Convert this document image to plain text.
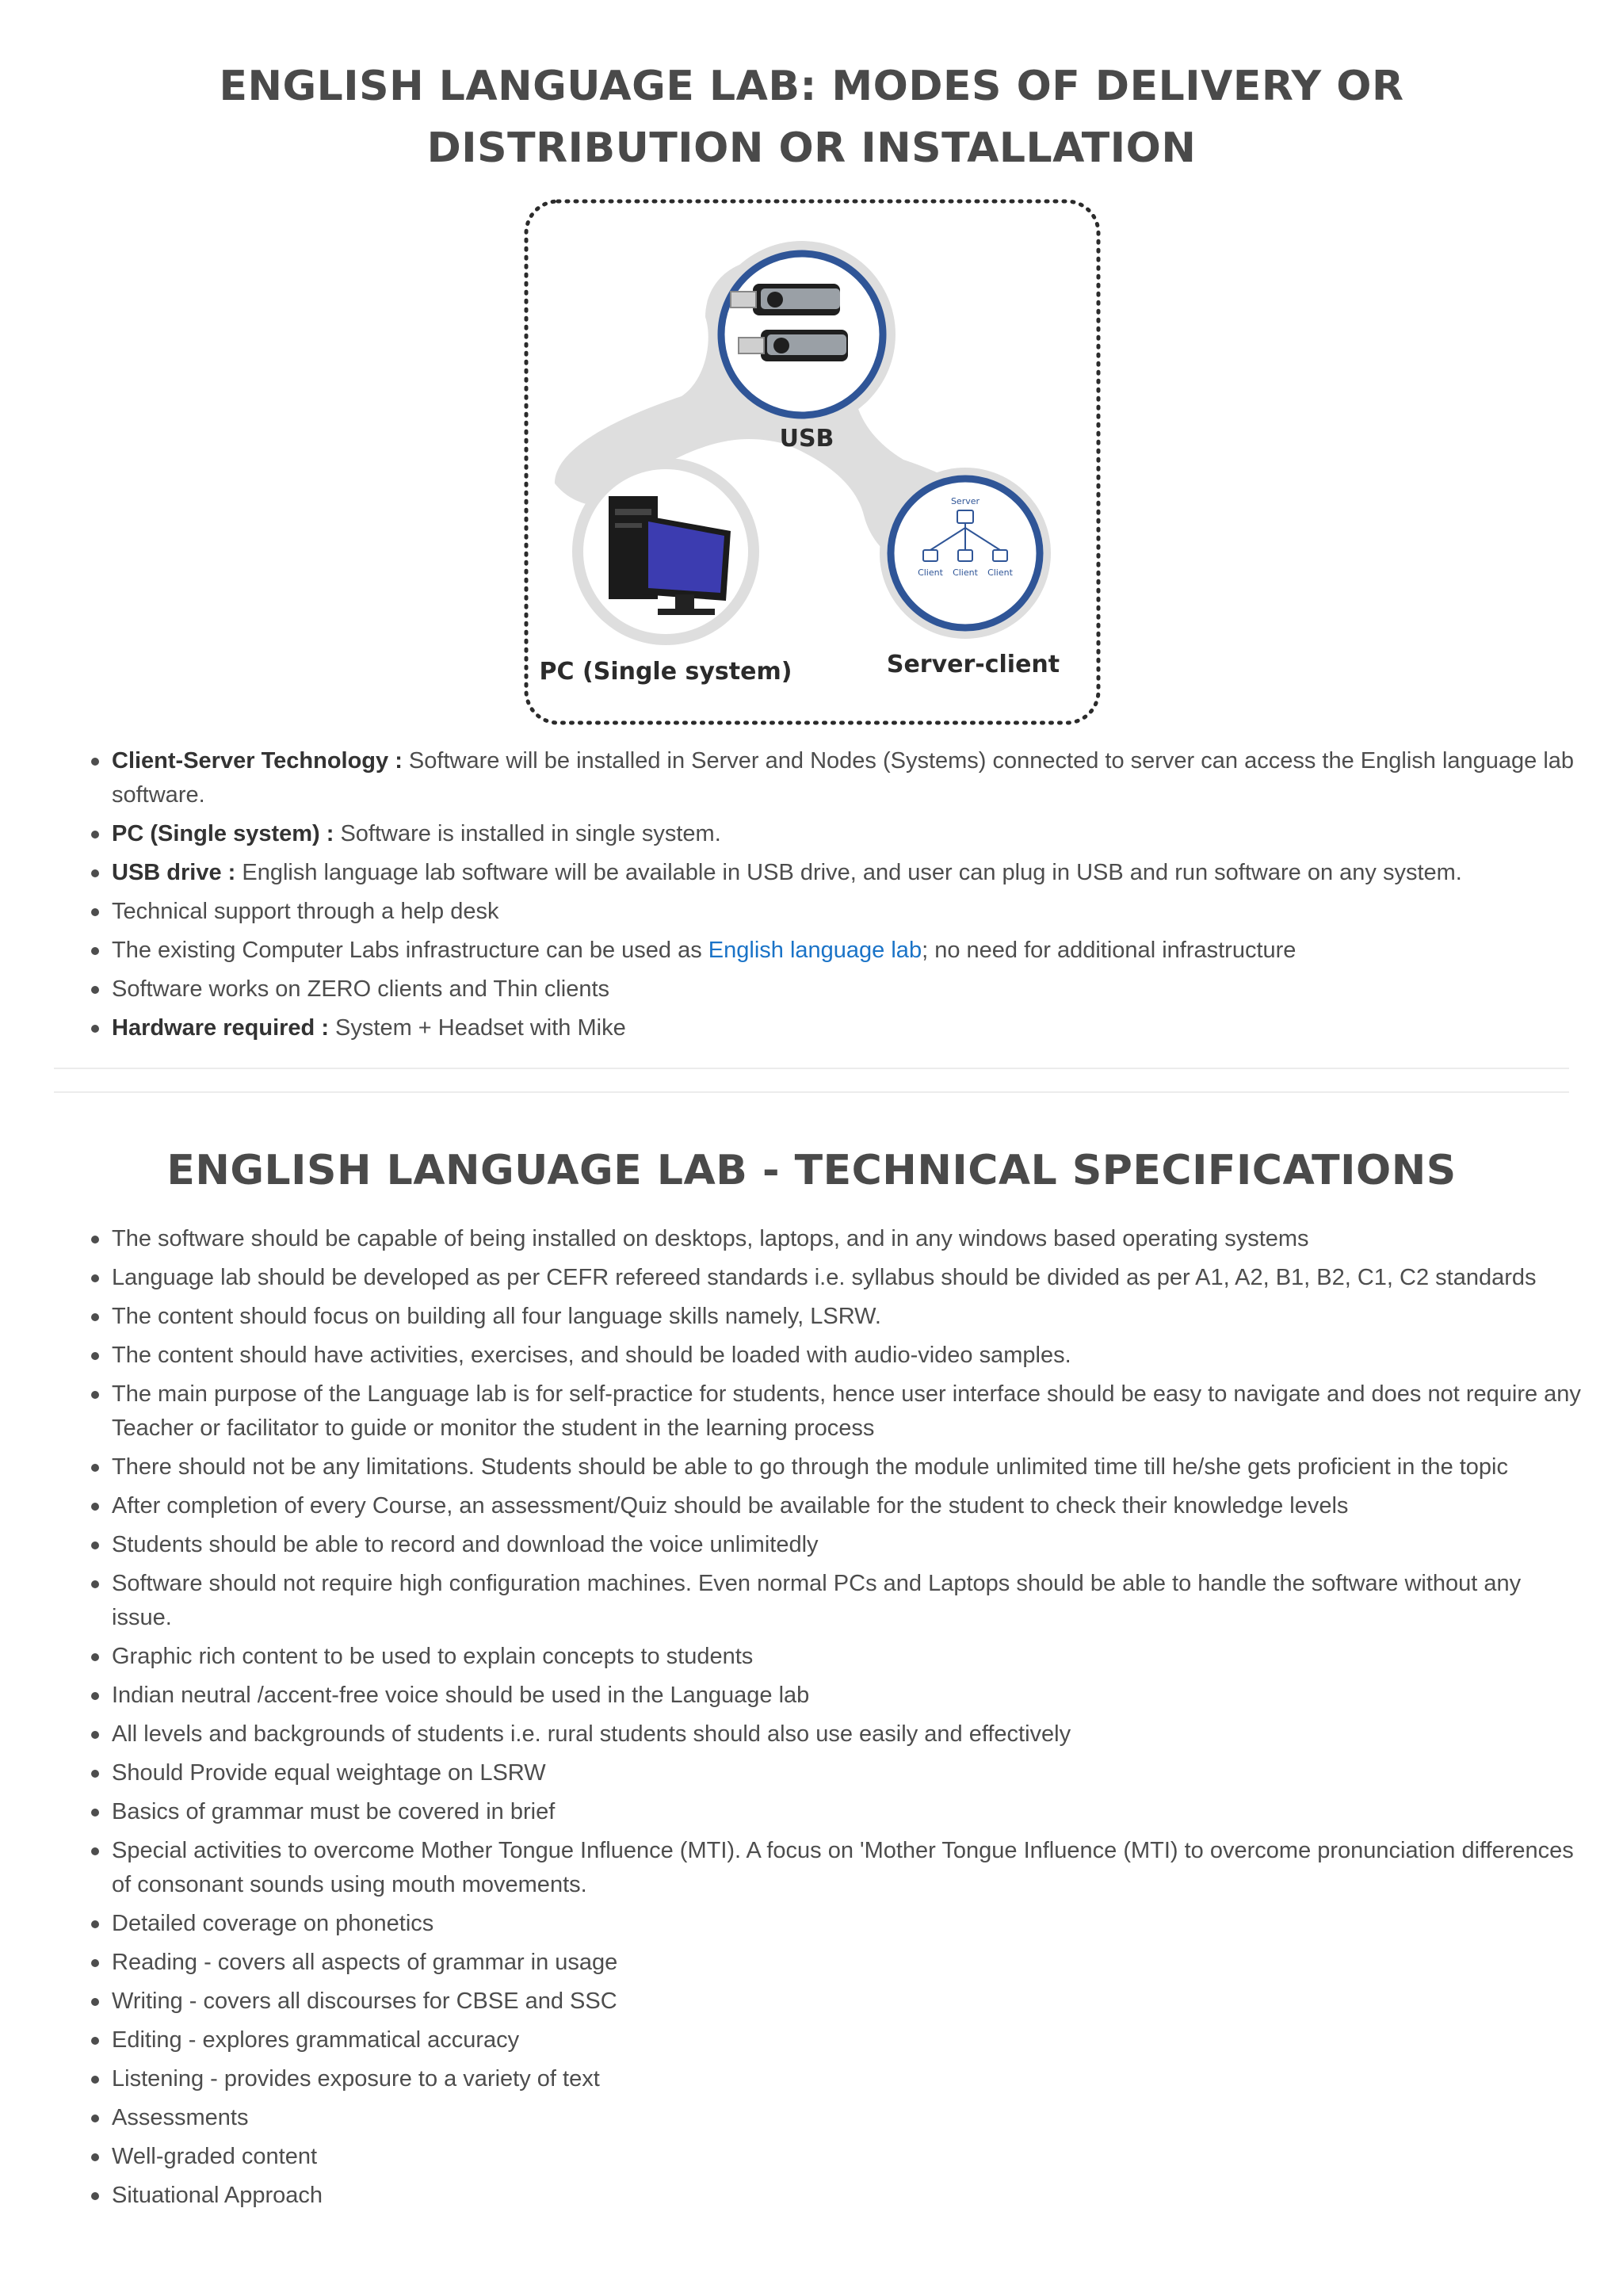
ENGLISH LANGUAGE LAB: MODES OF DELIVERY OR DISTRIBUTION OR INSTALLATION
USB
PC (Single system)
Server
Client Client Client
Server-client
Client-Server Technology : Software will be installed in Server and Nodes (Systems) connected to server can access the English language lab software.
PC (Single system) : Software is installed in single system.
USB drive : English language lab software will be available in USB drive, and user can plug in USB and run software on any system.
Technical support through a help desk
The existing Computer Labs infrastructure can be used as English language lab; no need for additional infrastructure
Software works on ZERO clients and Thin clients
Hardware required : System + Headset with Mike
ENGLISH LANGUAGE LAB - TECHNICAL SPECIFICATIONS
The software should be capable of being installed on desktops, laptops, and in any windows based operating systems
Language lab should be developed as per CEFR refereed standards i.e. syllabus should be divided as per A1, A2, B1, B2, C1, C2 standards
The content should focus on building all four language skills namely, LSRW.
The content should have activities, exercises, and should be loaded with audio-video samples.
The main purpose of the Language lab is for self-practice for students, hence user interface should be easy to navigate and does not require any Teacher or facilitator to guide or monitor the student in the learning process
There should not be any limitations. Students should be able to go through the module unlimited time till he/she gets proficient in the topic
After completion of every Course, an assessment/Quiz should be available for the student to check their knowledge levels
Students should be able to record and download the voice unlimitedly
Software should not require high configuration machines. Even normal PCs and Laptops should be able to handle the software without any issue.
Graphic rich content to be used to explain concepts to students
Indian neutral /accent-free voice should be used in the Language lab
All levels and backgrounds of students i.e. rural students should also use easily and effectively
Should Provide equal weightage on LSRW
Basics of grammar must be covered in brief
Special activities to overcome Mother Tongue Influence (MTI). A focus on 'Mother Tongue Influence (MTI) to overcome pronunciation differences of consonant sounds using mouth movements.
Detailed coverage on phonetics
Reading - covers all aspects of grammar in usage
Writing - covers all discourses for CBSE and SSC
Editing - explores grammatical accuracy
Listening - provides exposure to a variety of text
Assessments
Well-graded content
Situational Approach
